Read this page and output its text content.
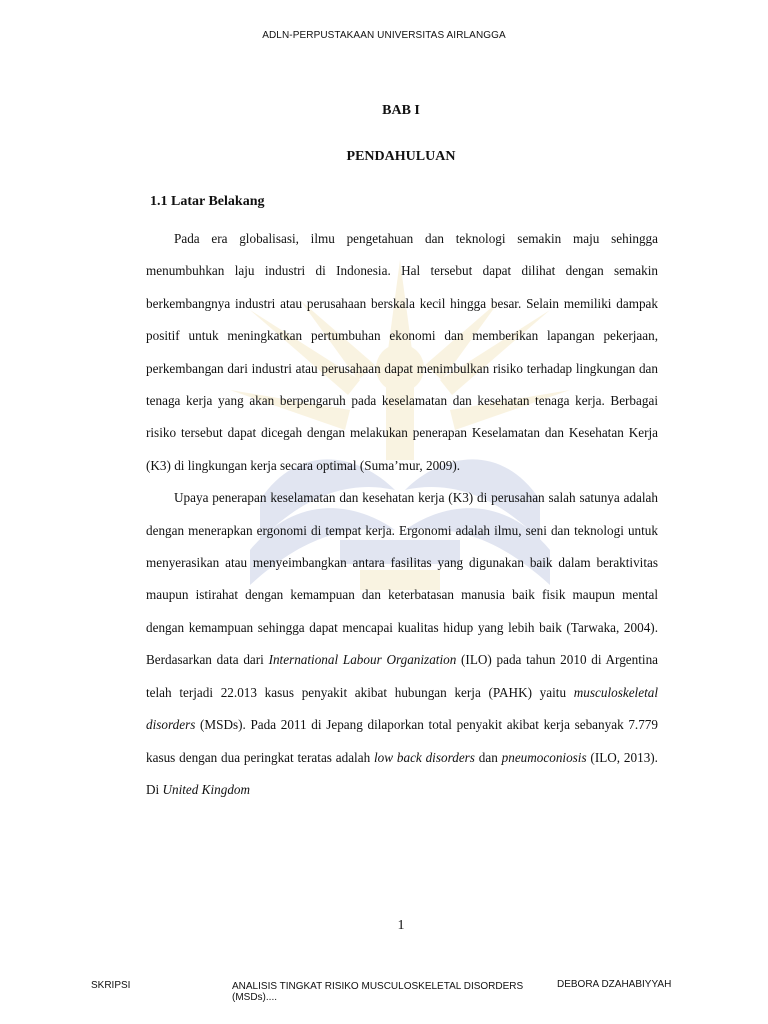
ADLN-PERPUSTAKAAN UNIVERSITAS AIRLANGGA
BAB I
PENDAHULUAN
1.1 Latar Belakang

Pada era globalisasi, ilmu pengetahuan dan teknologi semakin maju sehingga menumbuhkan laju industri di Indonesia. Hal tersebut dapat dilihat dengan semakin berkembangnya industri atau perusahaan berskala kecil hingga besar. Selain memiliki dampak positif untuk meningkatkan pertumbuhan ekonomi dan memberikan lapangan pekerjaan, perkembangan dari industri atau perusahaan dapat menimbulkan risiko terhadap lingkungan dan tenaga kerja yang akan berpengaruh pada keselamatan dan kesehatan tenaga kerja. Berbagai risiko tersebut dapat dicegah dengan melakukan penerapan Keselamatan dan Kesehatan Kerja (K3) di lingkungan kerja secara optimal (Suma’mur, 2009).

Upaya penerapan keselamatan dan kesehatan kerja (K3) di perusahan salah satunya adalah dengan menerapkan ergonomi di tempat kerja. Ergonomi adalah ilmu, seni dan teknologi untuk menyerasikan atau menyeimbangkan antara fasilitas yang digunakan baik dalam beraktivitas maupun istirahat dengan kemampuan dan keterbatasan manusia baik fisik maupun mental dengan kemampuan sehingga dapat mencapai kualitas hidup yang lebih baik (Tarwaka, 2004). Berdasarkan data dari International Labour Organization (ILO) pada tahun 2010 di Argentina telah terjadi 22.013 kasus penyakit akibat hubungan kerja (PAHK) yaitu musculoskeletal disorders (MSDs). Pada 2011 di Jepang dilaporkan total penyakit akibat kerja sebanyak 7.779 kasus dengan dua peringkat teratas adalah low back disorders dan pneumoconiosis (ILO, 2013). Di United Kingdom

1
SKRIPSI	ANALISIS TINGKAT RISIKO MUSCULOSKELETAL DISORDERS (MSDs)....
DEBORA DZAHABIYYAH
